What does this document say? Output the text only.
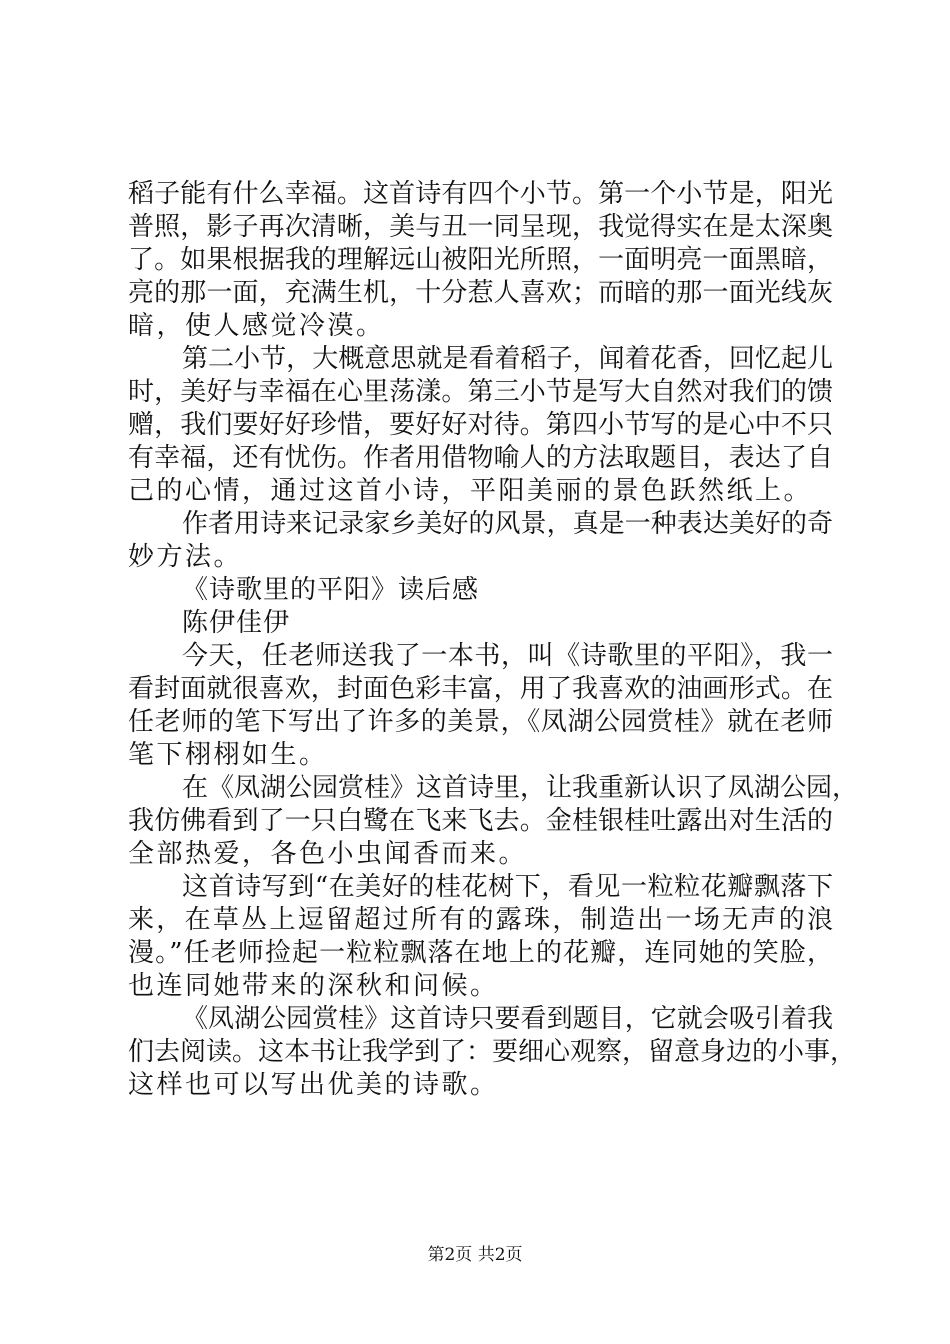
稻子能有什么幸福。这首诗有四个小节。第一个小节是，阳光
普照，影子再次清晰，美与丑一同呈现，我觉得实在是太深奥
了。如果根据我的理解远山被阳光所照，一面明亮一面黑暗，
亮的那一面，充满生机，十分惹人喜欢；而暗的那一面光线灰
暗，使人感觉冷漠。
第二小节，大概意思就是看着稻子，闻着花香，回忆起儿
时，美好与幸福在心里荡漾。第三小节是写大自然对我们的馈
赠，我们要好好珍惜，要好好对待。第四小节写的是心中不只
有幸福，还有忧伤。作者用借物喻人的方法取题目，表达了自
己的心情，通过这首小诗，平阳美丽的景色跃然纸上。
作者用诗来记录家乡美好的风景，真是一种表达美好的奇
妙方法。
《诗歌里的平阳》读后感
陈伊佳伊
今天，任老师送我了一本书，叫《诗歌里的平阳》，我一
看封面就很喜欢，封面色彩丰富，用了我喜欢的油画形式。在
任老师的笔下写出了许多的美景，《凤湖公园赏桂》就在老师
笔下栩栩如生。
在《凤湖公园赏桂》这首诗里，让我重新认识了凤湖公园，
我仿佛看到了一只白鹭在飞来飞去。金桂银桂吐露出对生活的
全部热爱，各色小虫闻香而来。
这首诗写到“在美好的桂花树下，看见一粒粒花瓣飘落下
来，在草丛上逗留超过所有的露珠，制造出一场无声的浪
漫。”任老师捡起一粒粒飘落在地上的花瓣，连同她的笑脸，
也连同她带来的深秋和问候。
《凤湖公园赏桂》这首诗只要看到题目，它就会吸引着我
们去阅读。这本书让我学到了：要细心观察，留意身边的小事，
这样也可以写出优美的诗歌。
第2页 共2页
